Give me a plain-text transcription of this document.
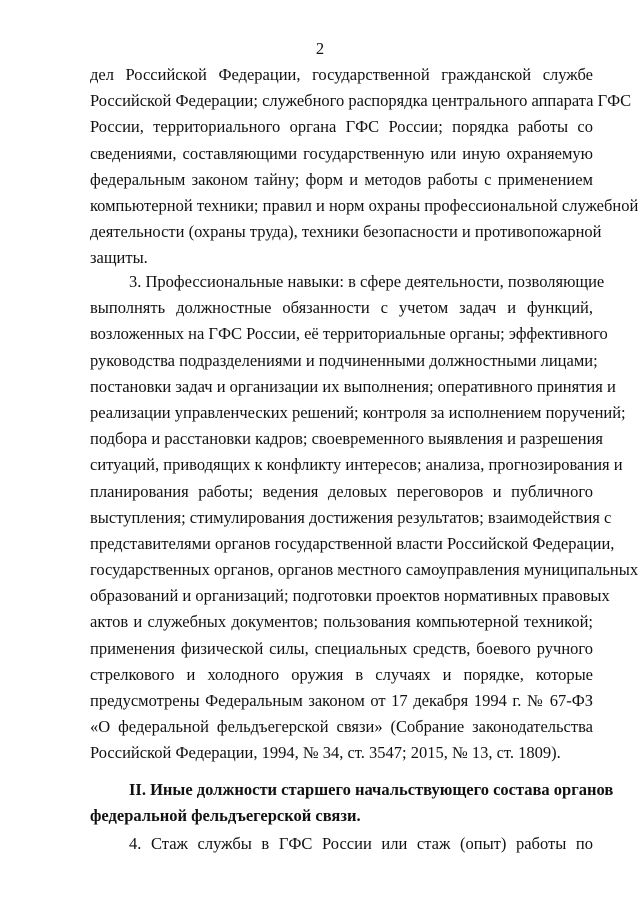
2
дел Российской Федерации, государственной гражданской службе
Российской Федерации; служебного распорядка центрального аппарата ГФС
России, территориального органа ГФС России; порядка работы со
сведениями, составляющими государственную или иную охраняемую
федеральным законом тайну; форм и методов работы с применением
компьютерной техники; правил и норм охраны профессиональной служебной
деятельности (охраны труда), техники безопасности и противопожарной
защиты.
3. Профессиональные навыки: в сфере деятельности, позволяющие
выполнять должностные обязанности с учетом задач и функций,
возложенных на ГФС России, её территориальные органы; эффективного
руководства подразделениями и подчиненными должностными лицами;
постановки задач и организации их выполнения; оперативного принятия и
реализации управленческих решений; контроля за исполнением поручений;
подбора и расстановки кадров; своевременного выявления и разрешения
ситуаций, приводящих к конфликту интересов; анализа, прогнозирования и
планирования работы; ведения деловых переговоров и публичного
выступления; стимулирования достижения результатов; взаимодействия с
представителями органов государственной власти Российской Федерации,
государственных органов, органов местного самоуправления муниципальных
образований и организаций; подготовки проектов нормативных правовых
актов и служебных документов; пользования компьютерной техникой;
применения физической силы, специальных средств, боевого ручного
стрелкового и холодного оружия в случаях и порядке, которые
предусмотрены Федеральным законом от 17 декабря 1994 г. № 67-ФЗ
«О федеральной фельдъегерской связи» (Собрание законодательства
Российской Федерации, 1994, № 34, ст. 3547; 2015, № 13, ст. 1809).
II. Иные должности старшего начальствующего состава органов
федеральной фельдъегерской связи.
4. Стаж службы в ГФС России или стаж (опыт) работы по
